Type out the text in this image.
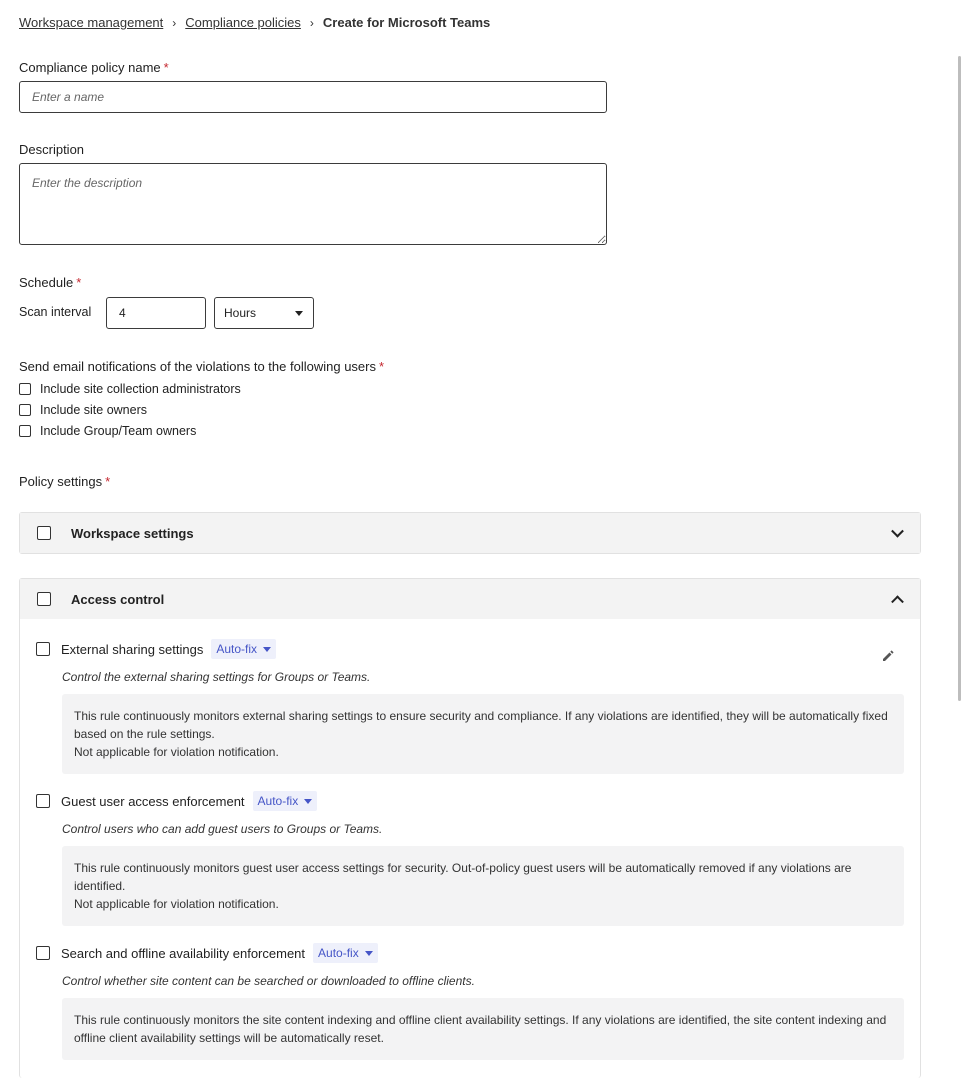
Workspace management › Compliance policies › Create for Microsoft Teams
Compliance policy name *
Enter a name
Description
Enter the description
Schedule *
Scan interval
4	Hours
Send email notifications of the violations to the following users *
Include site collection administrators
Include site owners
Include Group/Team owners
Policy settings *
Workspace settings
Access control
External sharing settings Auto-fix
Control the external sharing settings for Groups or Teams.
This rule continuously monitors external sharing settings to ensure security and compliance. If any violations are identified, they will be automatically fixed based on the rule settings.
Not applicable for violation notification.
Guest user access enforcement Auto-fix
Control users who can add guest users to Groups or Teams.
This rule continuously monitors guest user access settings for security. Out-of-policy guest users will be automatically removed if any violations are identified.
Not applicable for violation notification.
Search and offline availability enforcement Auto-fix
Control whether site content can be searched or downloaded to offline clients.
This rule continuously monitors the site content indexing and offline client availability settings. If any violations are identified, the site content indexing and offline client availability settings will be automatically reset.
